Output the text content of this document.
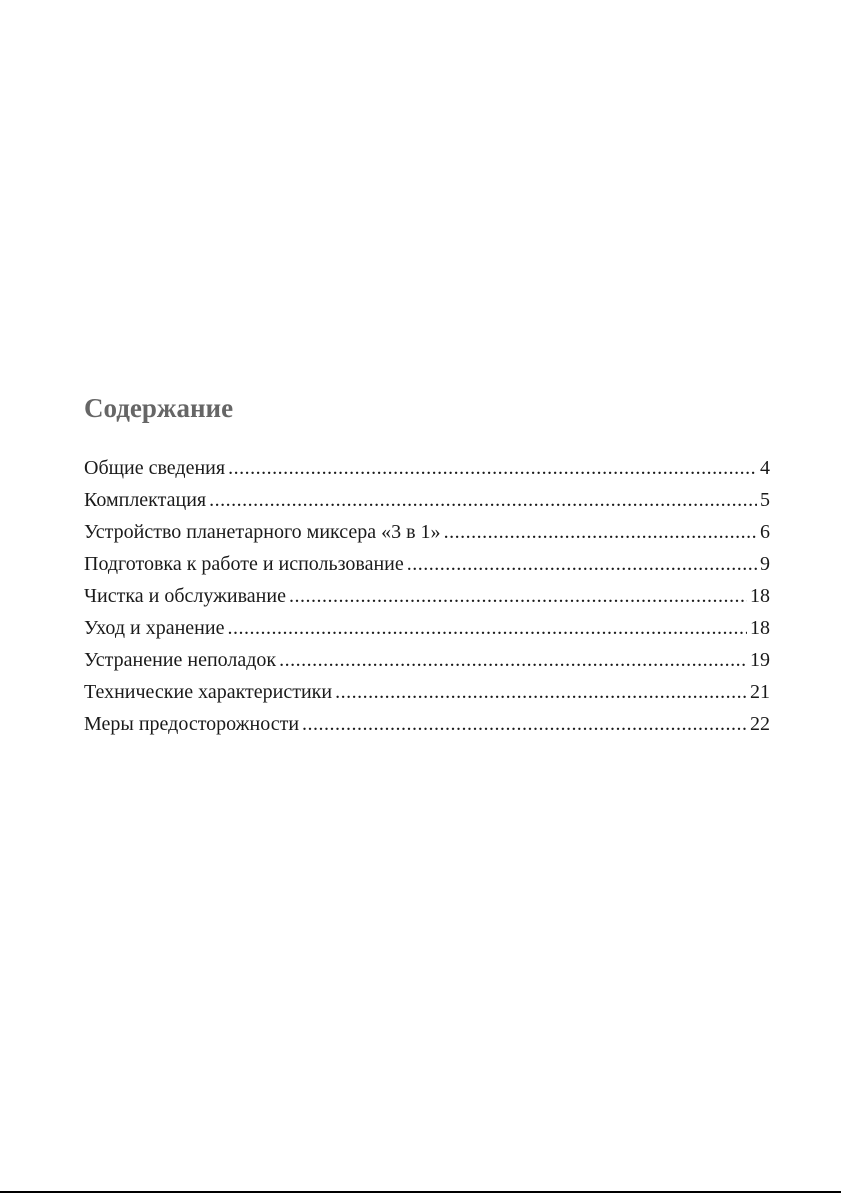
Содержание
Общие сведения .....	4
Комплектация .....	5
Устройство планетарного миксера «3 в 1» .....	6
Подготовка к работе и использование .....	9
Чистка и обслуживание .....	18
Уход и хранение .....	18
Устранение неполадок .....	19
Технические характеристики .....	21
Меры предосторожности .....	22
